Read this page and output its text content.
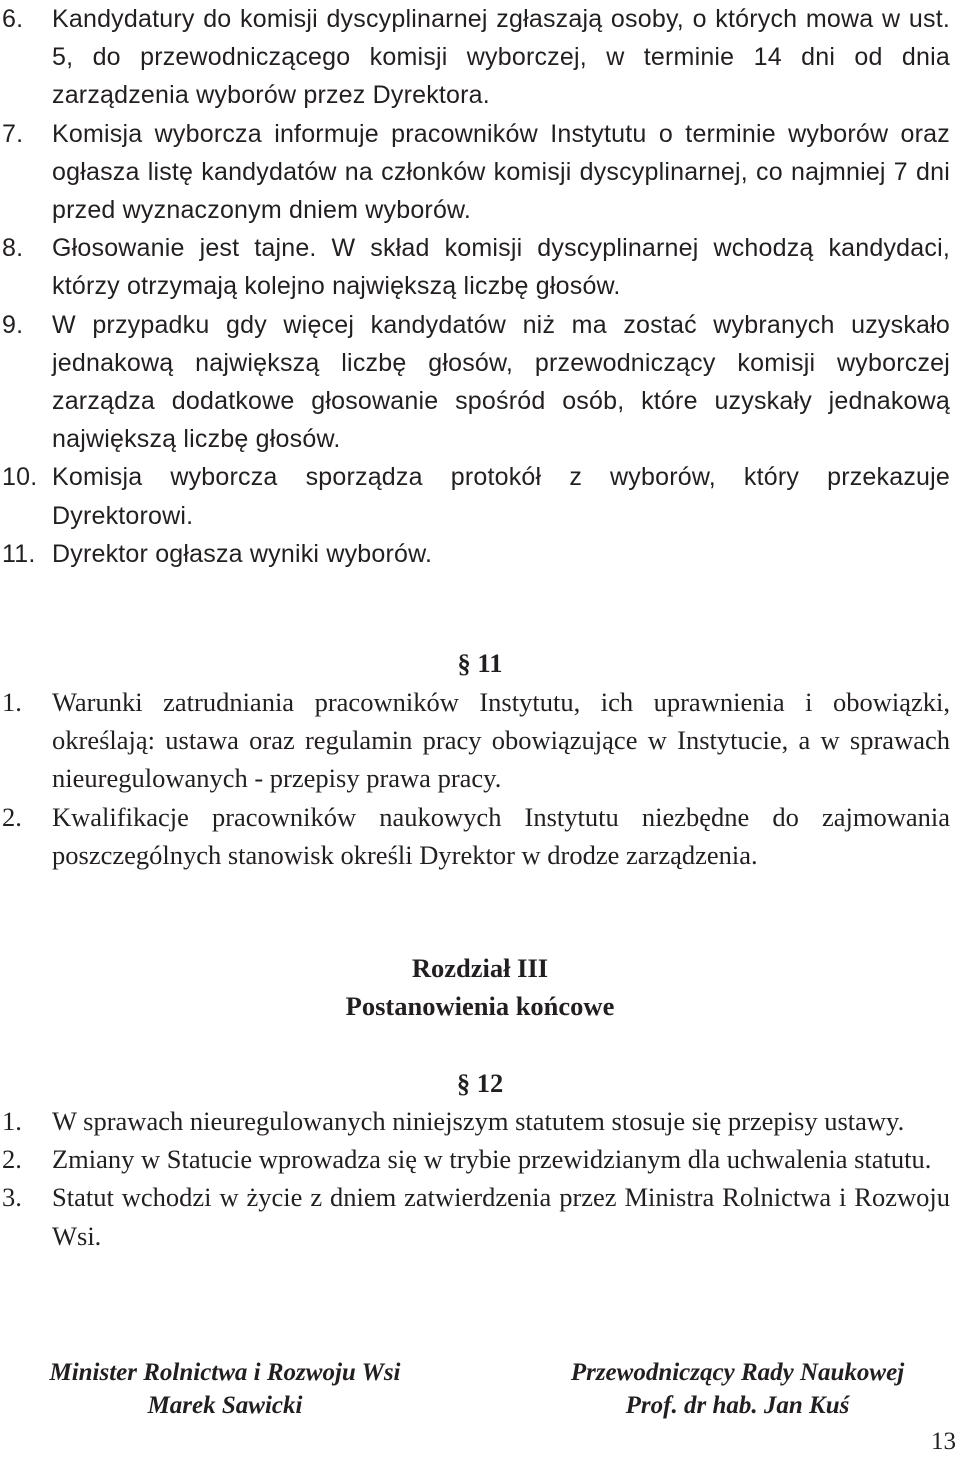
6. Kandydatury do komisji dyscyplinarnej zgłaszają osoby, o których mowa w ust. 5, do przewodniczącego komisji wyborczej, w terminie 14 dni od dnia zarządzenia wyborów przez Dyrektora.
7. Komisja wyborcza informuje pracowników Instytutu o terminie wyborów oraz ogłasza listę kandydatów na członków komisji dyscyplinarnej, co najmniej 7 dni przed wyznaczonym dniem wyborów.
8. Głosowanie jest tajne. W skład komisji dyscyplinarnej wchodzą kandydaci, którzy otrzymają kolejno największą liczbę głosów.
9. W przypadku gdy więcej kandydatów niż ma zostać wybranych uzyskało jednakową największą liczbę głosów, przewodniczący komisji wyborczej zarządza dodatkowe głosowanie spośród osób, które uzyskały jednakową największą liczbę głosów.
10. Komisja wyborcza sporządza protokół z wyborów, który przekazuje Dyrektorowi.
11. Dyrektor ogłasza wyniki wyborów.
§ 11
1. Warunki zatrudniania pracowników Instytutu, ich uprawnienia i obowiązki, określają: ustawa oraz regulamin pracy obowiązujące w Instytucie, a w sprawach nieuregulowanych - przepisy prawa pracy.
2. Kwalifikacje pracowników naukowych Instytutu niezbędne do zajmowania poszczególnych stanowisk określi Dyrektor w drodze zarządzenia.
Rozdział III
Postanowienia końcowe
§ 12
1. W sprawach nieuregulowanych niniejszym statutem stosuje się przepisy ustawy.
2. Zmiany w Statucie wprowadza się w trybie przewidzianym dla uchwalenia statutu.
3. Statut wchodzi w życie z dniem zatwierdzenia przez Ministra Rolnictwa i Rozwoju Wsi.
Minister Rolnictwa i Rozwoju Wsi
Marek Sawicki
Przewodniczący Rady Naukowej
Prof. dr hab. Jan Kuś
13
